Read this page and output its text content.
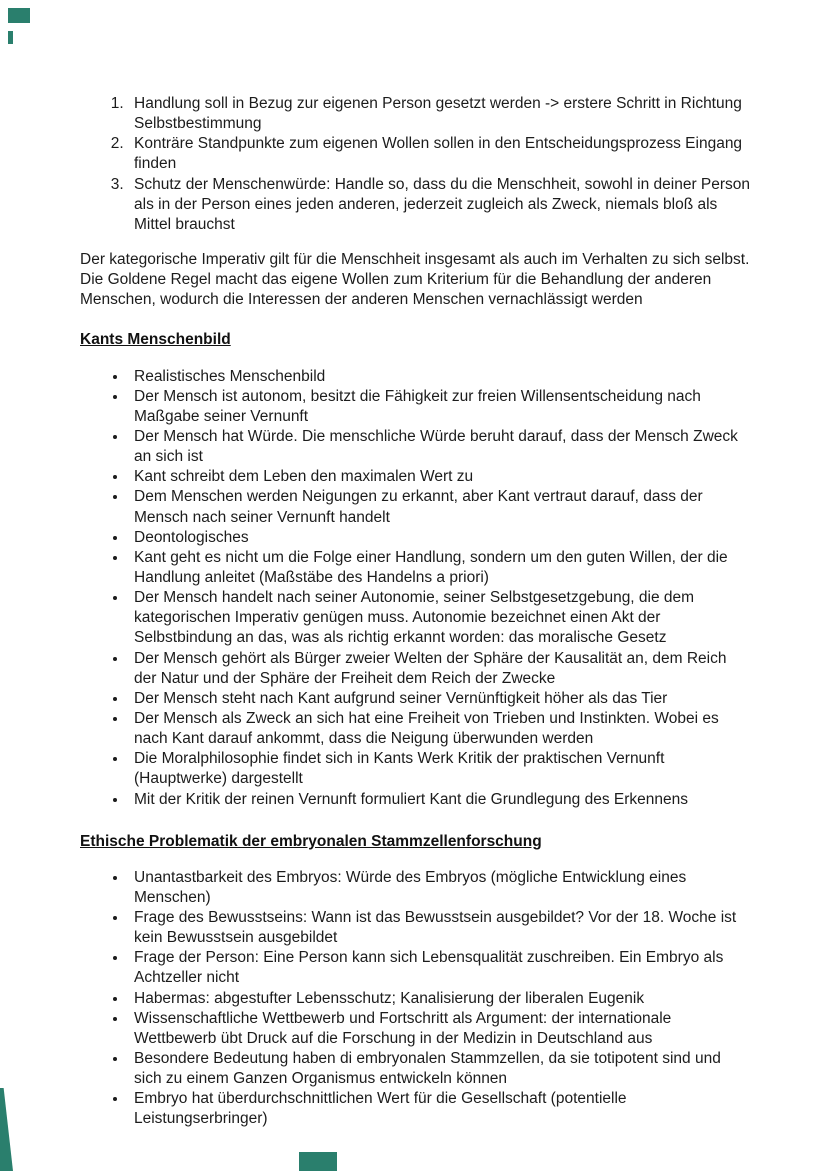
1. Handlung soll in Bezug zur eigenen Person gesetzt werden -> erstere Schritt in Richtung Selbstbestimmung
2. Konträre Standpunkte zum eigenen Wollen sollen in den Entscheidungsprozess Eingang finden
3. Schutz der Menschenwürde: Handle so, dass du die Menschheit, sowohl in deiner Person als in der Person eines jeden anderen, jederzeit zugleich als Zweck, niemals bloß als Mittel brauchst

Der kategorische Imperativ gilt für die Menschheit insgesamt als auch im Verhalten zu sich selbst. Die Goldene Regel macht das eigene Wollen zum Kriterium für die Behandlung der anderen Menschen, wodurch die Interessen der anderen Menschen vernachlässigt werden

Kants Menschenbild
• Realistisches Menschenbild
• Der Mensch ist autonom, besitzt die Fähigkeit zur freien Willensentscheidung nach Maßgabe seiner Vernunft
• Der Mensch hat Würde. Die menschliche Würde beruht darauf, dass der Mensch Zweck an sich ist
• Kant schreibt dem Leben den maximalen Wert zu
• Dem Menschen werden Neigungen zu erkannt, aber Kant vertraut darauf, dass der Mensch nach seiner Vernunft handelt
• Deontologisches
• Kant geht es nicht um die Folge einer Handlung, sondern um den guten Willen, der die Handlung anleitet (Maßstäbe des Handelns a priori)
• Der Mensch handelt nach seiner Autonomie, seiner Selbstgesetzgebung, die dem kategorischen Imperativ genügen muss. Autonomie bezeichnet einen Akt der Selbstbindung an das, was als richtig erkannt worden: das moralische Gesetz
• Der Mensch gehört als Bürger zweier Welten der Sphäre der Kausalität an, dem Reich der Natur und der Sphäre der Freiheit dem Reich der Zwecke
• Der Mensch steht nach Kant aufgrund seiner Vernünftigkeit höher als das Tier
• Der Mensch als Zweck an sich hat eine Freiheit von Trieben und Instinkten. Wobei es nach Kant darauf ankommt, dass die Neigung überwunden werden
• Die Moralphilosophie findet sich in Kants Werk Kritik der praktischen Vernunft (Hauptwerke) dargestellt
• Mit der Kritik der reinen Vernunft formuliert Kant die Grundlegung des Erkennens
Ethische Problematik der embryonalen Stammzellenforschung
• Unantastbarkeit des Embryos: Würde des Embryos (mögliche Entwicklung eines Menschen)
• Frage des Bewusstseins: Wann ist das Bewusstsein ausgebildet? Vor der 18. Woche ist kein Bewusstsein ausgebildet
• Frage der Person: Eine Person kann sich Lebensqualität zuschreiben. Ein Embryo als Achtzeller nicht
• Habermas: abgestufter Lebensschutz; Kanalisierung der liberalen Eugenik
• Wissenschaftliche Wettbewerb und Fortschritt als Argument: der internationale Wettbewerb übt Druck auf die Forschung in der Medizin in Deutschland aus
• Besondere Bedeutung haben di embryonalen Stammzellen, da sie totipotent sind und sich zu einem Ganzen Organismus entwickeln können
• Embryo hat überdurchschnittlichen Wert für die Gesellschaft (potentielle Leistungserbringer)
